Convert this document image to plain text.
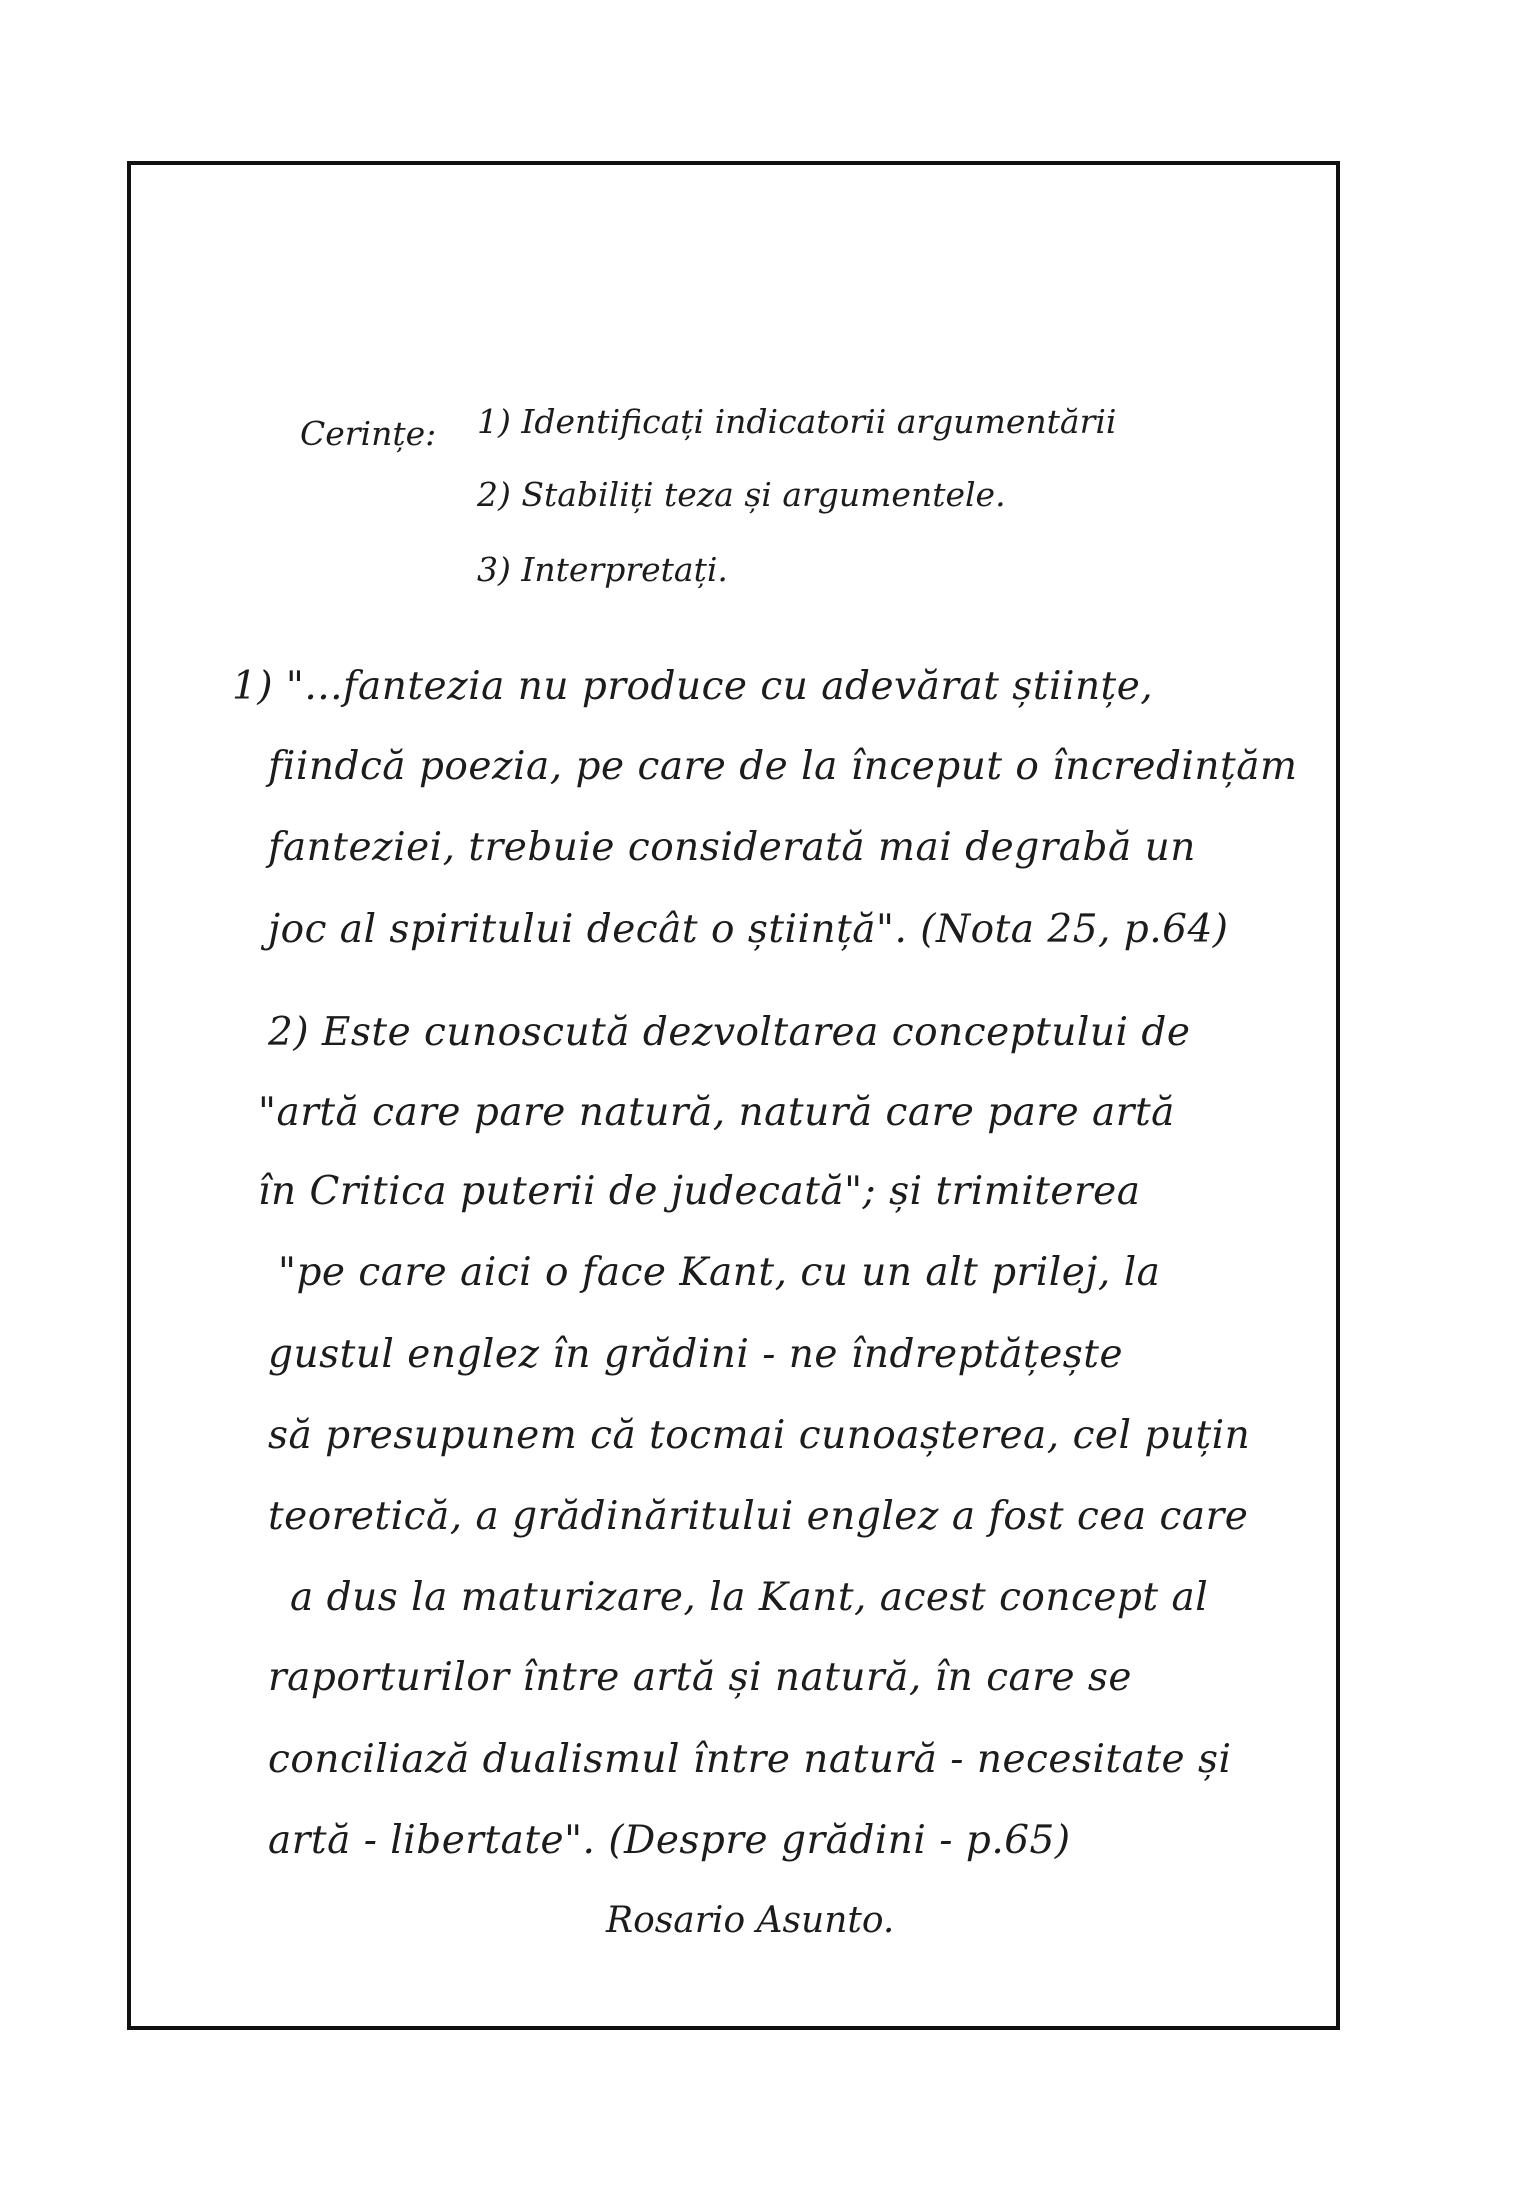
Cerințe: 1) Identificați indicatorii argumentării
2) Stabiliți teza și argumentele.
3) Interpretați.
1) "...fantezia nu produce cu adevărat științe,
fiindcă poezia, pe care de la început o încredințăm
fanteziei, trebuie considerată mai degrabă un
joc al spiritului decât o știință". (Nota 25, p.64)
2) Este cunoscută dezvoltarea conceptului de
"artă care pare natură, natură care pare artă
în Critica puterii de judecată"; și trimiterea
"pe care aici o face Kant, cu un alt prilej, la
gustul englez în grădini - ne îndreptățește
să presupunem că tocmai cunoașterea, cel puțin
teoretică, a grădinăritului englez a fost cea care
a dus la maturizare, la Kant, acest concept al
raporturilor între artă și natură, în care se
conciliază dualismul între natură - necesitate și
artă - libertate". (Despre grădini - p.65)
Rosario Asunto.
